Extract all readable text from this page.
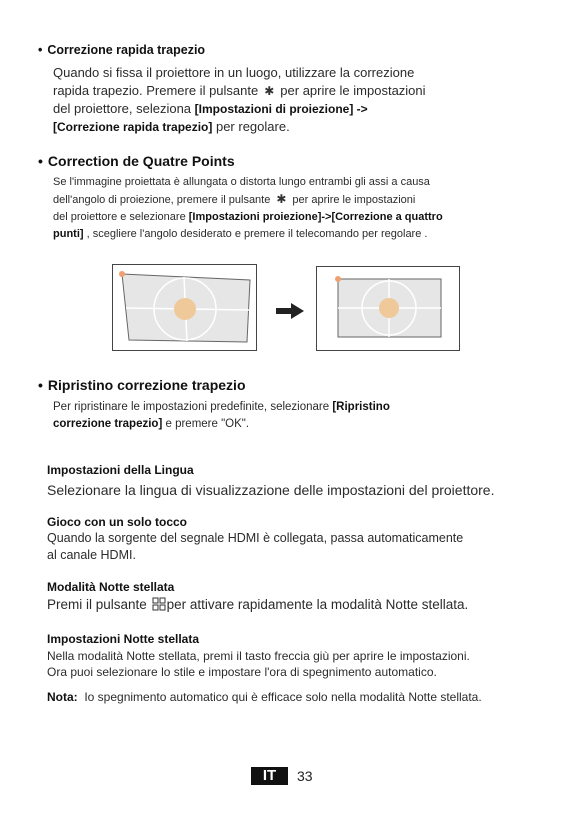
• Correzione rapida trapezio
Quando si fissa il proiettore in un luogo, utilizzare la correzione
rapida trapezio. Premere il pulsante ✱ per aprire le impostazioni
del proiettore, seleziona [Impostazioni di proiezione] ->
[Correzione rapida trapezio] per regolare.
• Correction de Quatre Points
Se l'immagine proiettata è allungata o distorta lungo entrambi gli assi a causa
dell'angolo di proiezione, premere il pulsante ✱ per aprire le impostazioni
del proiettore e selezionare [Impostazioni proiezione]->[Correzione a quattro
punti] , scegliere l'angolo desiderato e premere il telecomando per regolare .
• Ripristino correzione trapezio
Per ripristinare le impostazioni predefinite, selezionare [Ripristino
correzione trapezio] e premere "OK".
Impostazioni della Lingua
Selezionare la lingua di visualizzazione delle impostazioni del proiettore.
Gioco con un solo tocco
Quando la sorgente del segnale HDMI è collegata, passa automaticamente
al canale HDMI.
Modalità Notte stellata
Premi il pulsante per attivare rapidamente la modalità Notte stellata.
Impostazioni Notte stellata
Nella modalità Notte stellata, premi il tasto freccia giù per aprire le impostazioni.
Ora puoi selezionare lo stile e impostare l'ora di spegnimento automatico.
Nota: Io spegnimento automatico qui è efficace solo nella modalità Notte stellata.
IT	33
